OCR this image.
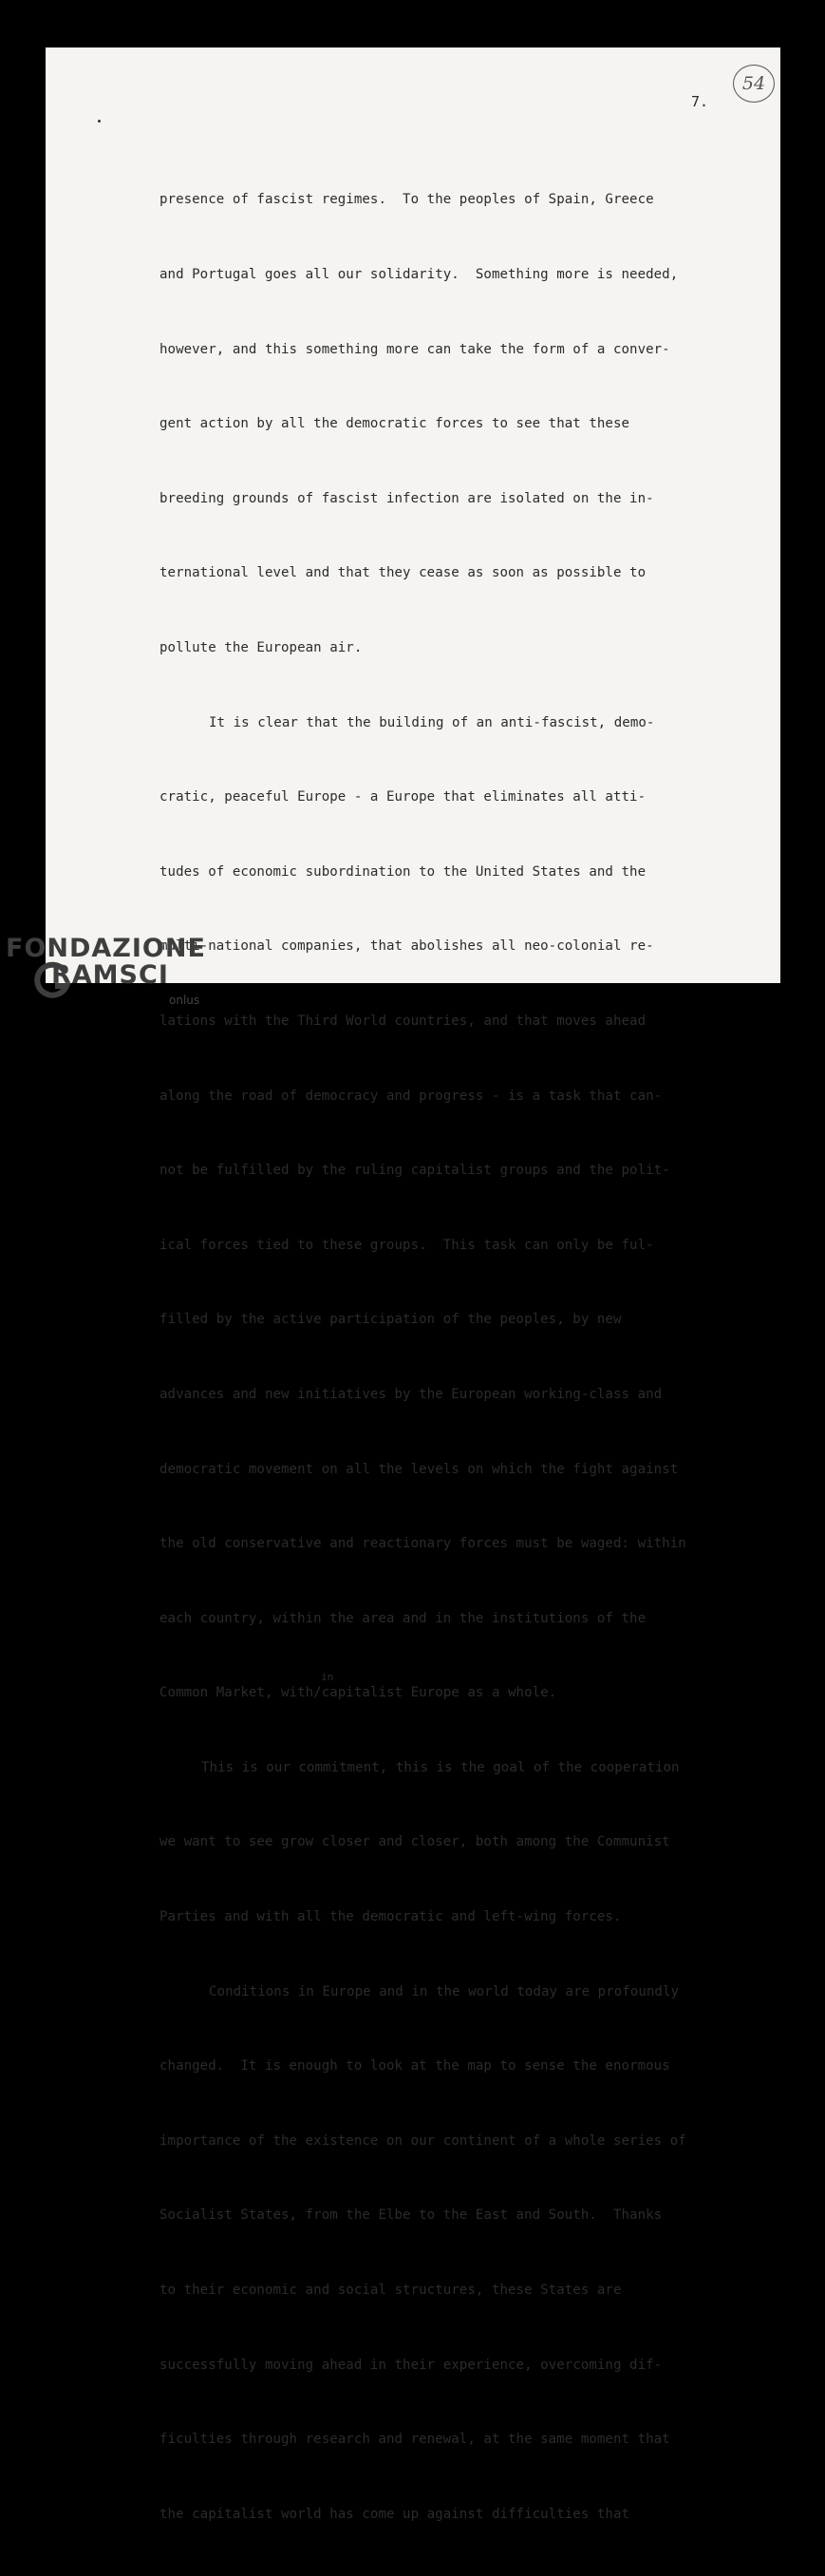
54
7.

presence of fascist regimes.  To the peoples of Spain, Greece

and Portugal goes all our solidarity.  Something more is needed,

however, and this something more can take the form of a conver-

gent action by all the democratic forces to see that these

breeding grounds of fascist infection are isolated on the in-

ternational level and that they cease as soon as possible to

pollute the European air.

It is clear that the building of an anti-fascist, demo-

cratic, peaceful Europe - a Europe that eliminates all atti-

tudes of economic subordination to the United States and the

multi-national companies, that abolishes all neo-colonial re-

lations with the Third World countries, and that moves ahead

along the road of democracy and progress - is a task that can-

not be fulfilled by the ruling capitalist groups and the polit-

ical forces tied to these groups.  This task can only be ful-

filled by the active participation of the peoples, by new

advances and new initiatives by the European working-class and

democratic movement on all the levels on which the fight against

the old conservative and reactionary forces must be waged: within

each country, within the area and in the institutions of the

in
Common Market, with/capitalist Europe as a whole.

This is our commitment, this is the goal of the cooperation

we want to see grow closer and closer, both among the Communist

Parties and with all the democratic and left-wing forces.

Conditions in Europe and in the world today are profoundly

changed.  It is enough to look at the map to sense the enormous

importance of the existence on our continent of a whole series of

Socialist States, from the Elbe to the East and South.  Thanks

to their economic and social structures, these States are

successfully moving ahead in their experience, overcoming dif-

ficulties through research and renewal, at the same moment that

the capitalist world has come up against difficulties that

FONDAZIONE
RAMSCI
onlus
